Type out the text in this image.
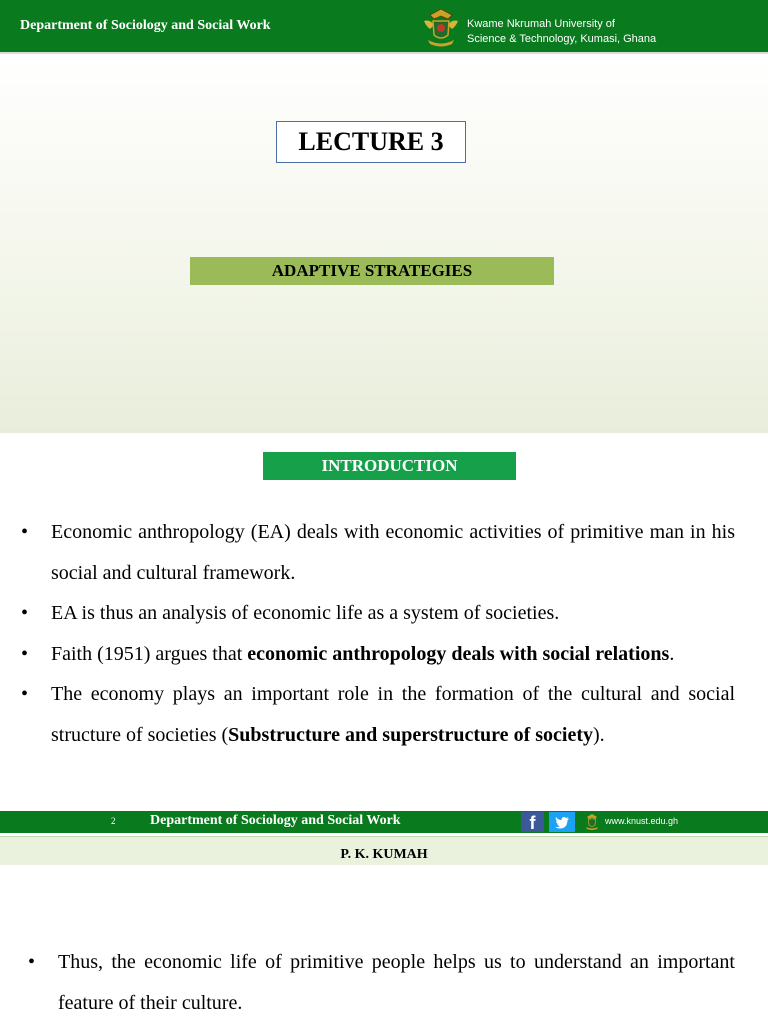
Department of Sociology and Social Work	Kwame Nkrumah University of
Science & Technology, Kumasi, Ghana
LECTURE 3
ADAPTIVE STRATEGIES
INTRODUCTION
• Economic anthropology (EA) deals with economic activities of primitive man in his social and cultural framework.
• EA is thus an analysis of economic life as a system of societies.
• Faith (1951) argues that economic anthropology deals with social relations.
• The economy plays an important role in the formation of the cultural and social structure of societies (Substructure and superstructure of society).
2 Department of Sociology and Social Work	f	www.knust.edu.gh
P. K. KUMAH
• Thus, the economic life of primitive people helps us to understand an important feature of their culture.
